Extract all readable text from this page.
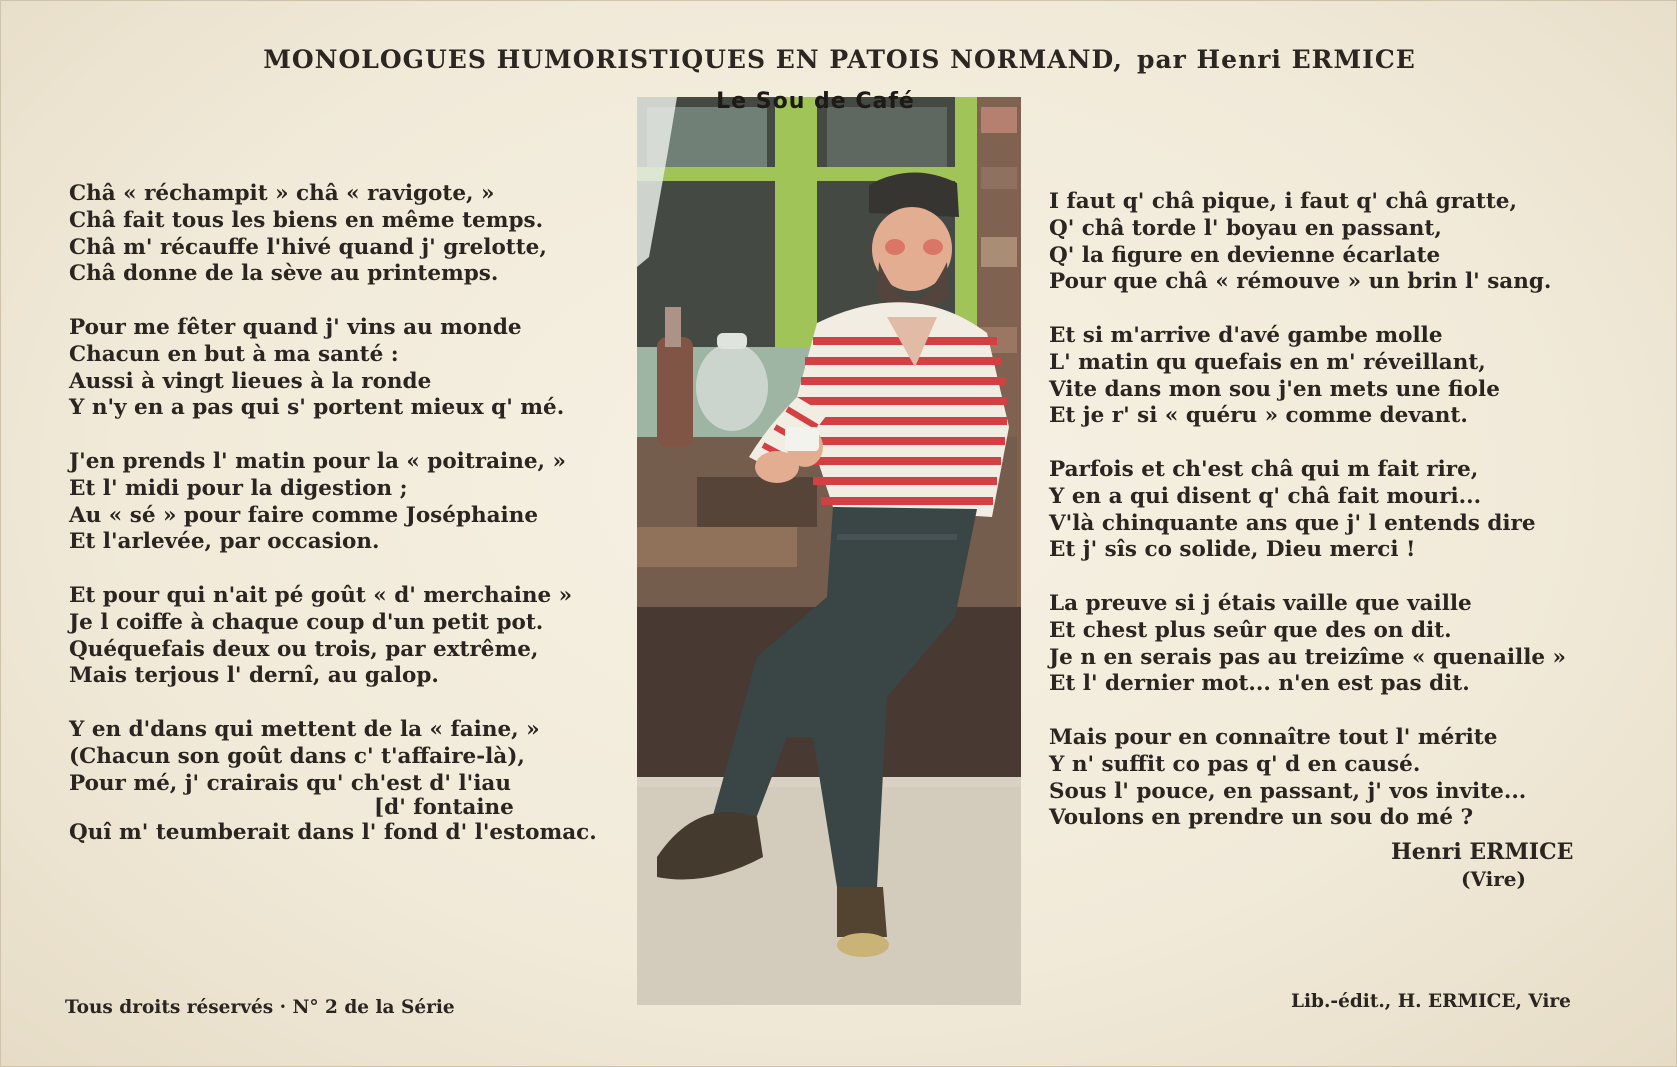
MONOLOGUES HUMORISTIQUES EN PATOIS NORMAND, par Henri ERMICE
Le Sou de Café
Châ « réchampit » châ « ravigote, »
Châ fait tous les biens en même temps.
Châ m' récauffe l'hivé quand j' grelotte,
Châ donne de la sève au printemps.
Pour me fêter quand j' vins au monde
Chacun en but à ma santé :
Aussi à vingt lieues à la ronde
Y n'y en a pas qui s' portent mieux q' mé.
J'en prends l' matin pour la « poitraine, »
Et l' midi pour la digestion ;
Au « sé » pour faire comme Joséphaine
Et l'arlevée, par occasion.
Et pour qui n'ait pé goût « d' merchaine »
Je l coiffe à chaque coup d'un petit pot.
Quéquefais deux ou trois, par extrême,
Mais terjous l' dernî, au galop.
Y en d'dans qui mettent de la « faine, »
(Chacun son goût dans c' t'affaire-là),
Pour mé, j' crairais qu' ch'est d' l'iau
[d' fontaine
Quî m' teumberait dans l' fond d' l'estomac.
I faut q' châ pique, i faut q' châ gratte,
Q' châ torde l' boyau en passant,
Q' la figure en devienne écarlate
Pour que châ « rémouve » un brin l' sang.
Et si m'arrive d'avé gambe molle
L' matin qu quefais en m' réveillant,
Vite dans mon sou j'en mets une fiole
Et je r' si « quéru » comme devant.
Parfois et ch'est châ qui m fait rire,
Y en a qui disent q' châ fait mouri...
V'là chinquante ans que j' l entends dire
Et j' sîs co solide, Dieu merci !
La preuve si j étais vaille que vaille
Et chest plus seûr que des on dit.
Je n en serais pas au treizîme « quenaille »
Et l' dernier mot... n'en est pas dit.
Mais pour en connaître tout l' mérite
Y n' suffit co pas q' d en causé.
Sous l' pouce, en passant, j' vos invite...
Voulons en prendre un sou do mé ?
Henri ERMICE
(Vire)
Tous droits réservés · N° 2 de la Série	Lib.-édit., H. ERMICE, Vire
